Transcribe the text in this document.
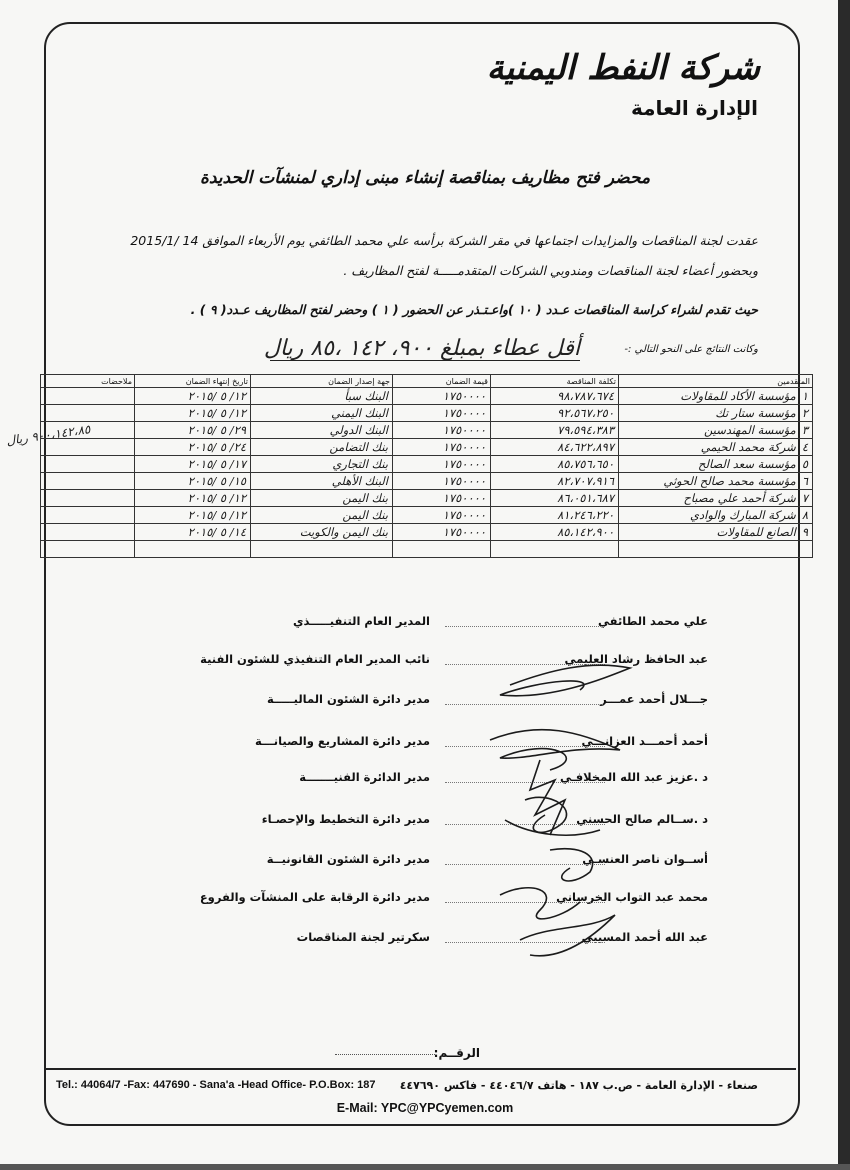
شركة النفط اليمنية
الإدارة العامة
محضر فتح مظاريف بمناقصة إنشاء مبنى إداري لمنشآت الحديدة
عقدت لجنة المناقصات والمزايدات اجتماعها في مقر الشركة برأسه علي محمد الطائفي يوم الأربعاء الموافق 14 /2015/1
وبحضور أعضاء لجنة المناقصات ومندوبي الشركات المتقدمـــــة لفتح المظاريف .
حيث تقدم لشراء كراسة المناقصات عـدد ( ١٠ )واعـتـذر عن الحضور ( ١ ) وحضر لفتح المظاريف عـدد( ٩ ) .
وكانت النتائج على النحو التالي :-
أقل عطاء بمبلغ ٩٠٠، ١٤٢ ،٨٥ ريال
المتقدمين	تكلفة المناقصة	قيمة الضمان	جهة إصدار الضمان	تاريخ إنتهاء الضمان	ملاحضات
١مؤسسة الأكاد للمقاولات	٩٨،٧٨٧،٦٧٤	١٧٥٠٠٠٠	البنك سبأ	١٢/ ٥ /٢٠١٥	
٢مؤسسة ستار تك	٩٢،٥٦٧،٢٥٠	١٧٥٠٠٠٠	البنك اليمني	١٢/ ٥ /٢٠١٥	
٣مؤسسة المهندسين	٧٩،٥٩٤،٣٨٣	١٧٥٠٠٠٠	البنك الدولي	٢٩/ ٥ /٢٠١٥	
٤شركة محمد الحيمي	٨٤،٦٢٢،٨٩٧	١٧٥٠٠٠٠	بنك التضامن	٢٤/ ٥ /٢٠١٥	
٥مؤسسة سعد الصالح	٨٥،٧٥٦،٦٥٠	١٧٥٠٠٠٠	بنك التجاري	١٧/ ٥ /٢٠١٥	
٦مؤسسة محمد صالح الحوثي	٨٢،٧٠٧،٩١٦	١٧٥٠٠٠٠	البنك الأهلي	١٥/ ٥ /٢٠١٥	
٧شركة أحمد علي مصباح	٨٦،٠٥١،٦٨٧	١٧٥٠٠٠٠	بنك اليمن	١٢/ ٥ /٢٠١٥	
٨شركة المبارك والوادي	٨١،٢٤٦،٢٢٠	١٧٥٠٠٠٠	بنك اليمن	١٢/ ٥ /٢٠١٥	
٩الصانع للمقاولات	٨٥،١٤٢،٩٠٠	١٧٥٠٠٠٠	بنك اليمن والكويت	١٤/ ٥ /٢٠١٥	

٩٠٠،١٤٢،٨٥ ريال
علي محمد الطائفي
المدير العام التنفيـــــذي
عبد الحافظ رشاد العليمي
نائب المدير العام التنفيذي للشئون الفنية
جـــلال أحمد عمـــر
مدير دائرة الشئون الماليـــــة
أحمد أحمـــد العزانـــي
مدير دائرة المشاريع والصيانـــة
د .عزيز عبد الله المخلافـي
مدير الدائرة الفنيـــــــة
د .ســالم صالح الحسني
مدير دائرة التخطيط والإحصـاء
أســوان ناصر العنسـي
مدير دائرة الشئون القانونيــة
محمد عبد التواب الخرساني
مدير دائرة الرقابة على المنشآت والفروع
عبد الله أحمد المسيبي
سكرتير لجنة المناقصات
الرقــم:
Tel.: 44064/7 -Fax: 447690 - Sana'a -Head Office- P.O.Box: 187 صنعاء - الإدارة العامة - ص.ب ١٨٧ - هاتف ٤٤٠٤٦/٧ - فاكس ٤٤٧٦٩٠
E-Mail: YPC@YPCyemen.com
